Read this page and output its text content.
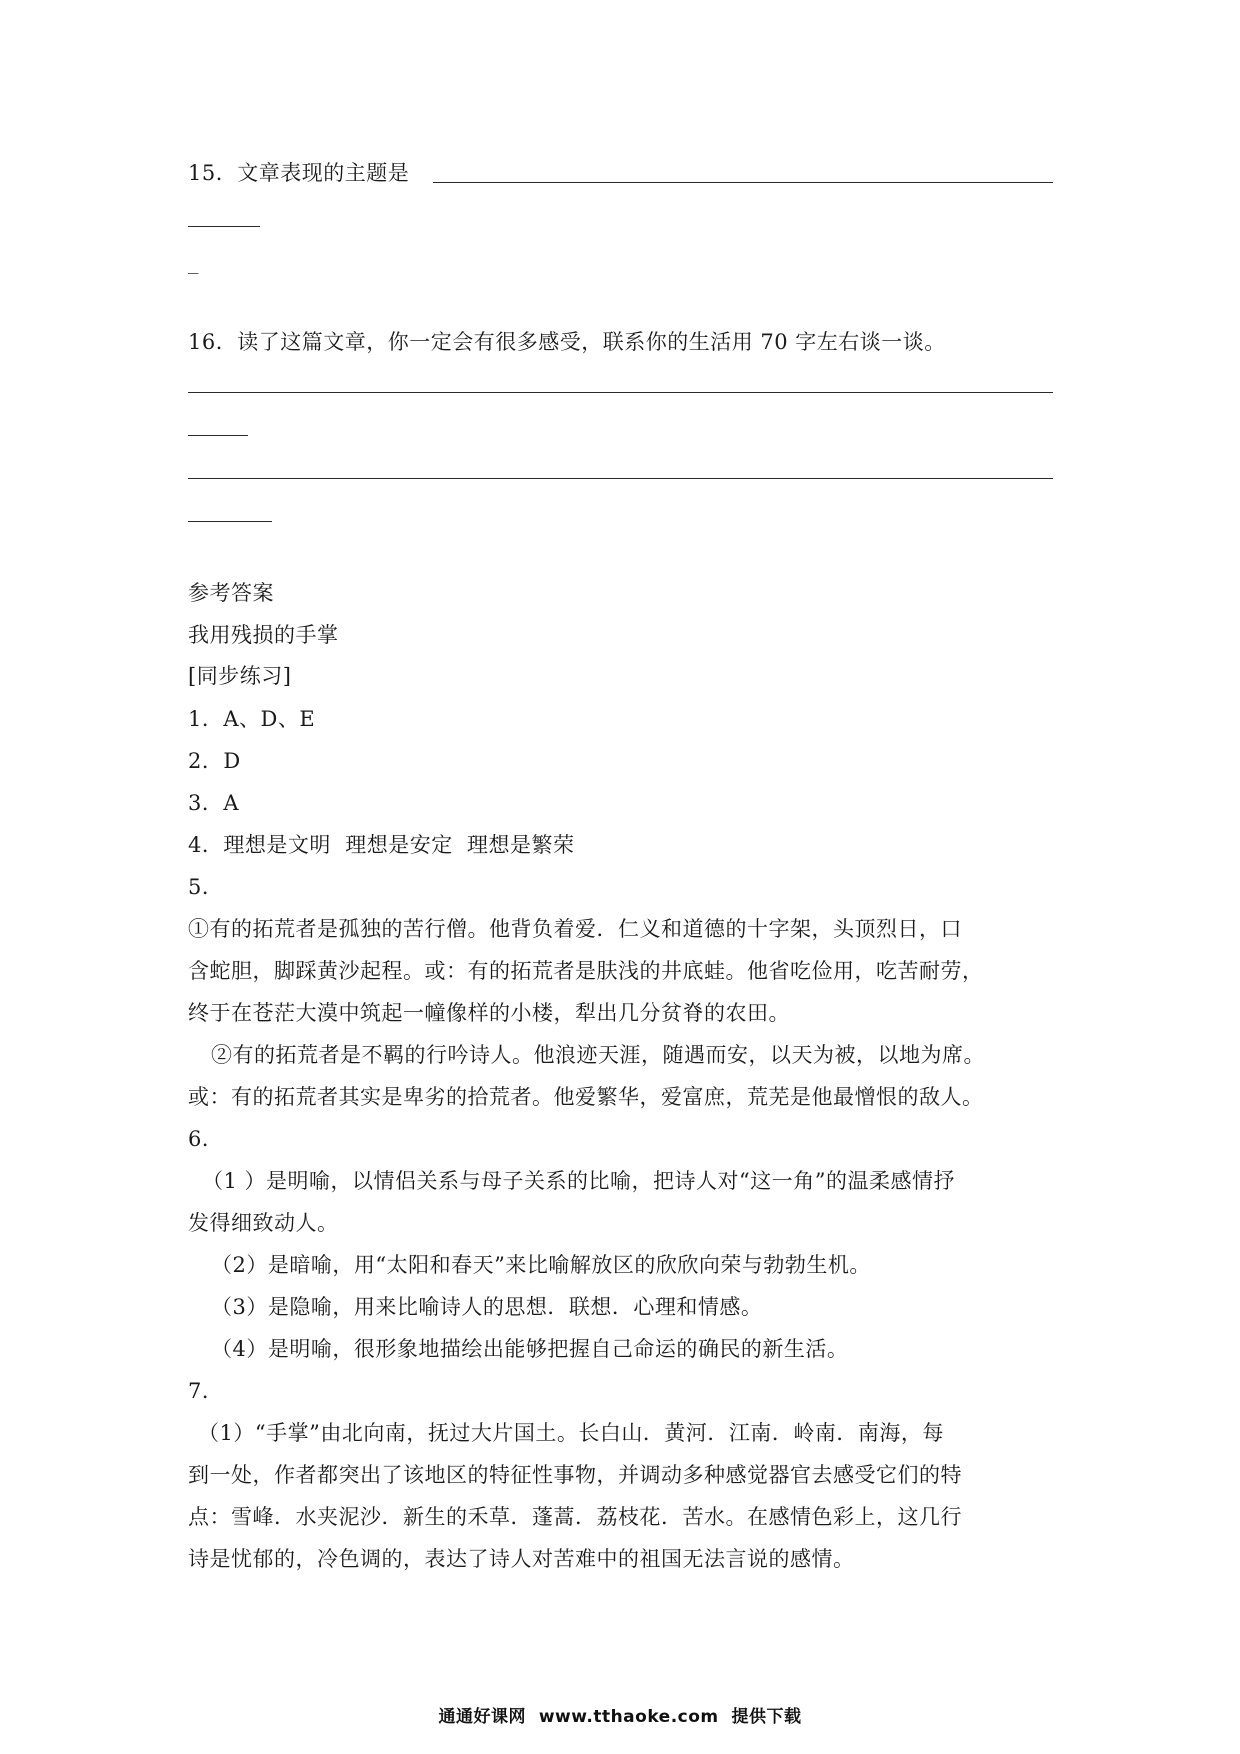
15．文章表现的主题是
_
16．读了这篇文章，你一定会有很多感受，联系你的生活用 70 字左右谈一谈。
参考答案
我用残损的手掌
[同步练习]
1．A、D、E
2．D
3．A
4．理想是文明  理想是安定  理想是繁荣
5．
①有的拓荒者是孤独的苦行僧。他背负着爱．仁义和道德的十字架，头顶烈日，口
含蛇胆，脚踩黄沙起程。或：有的拓荒者是肤浅的井底蛙。他省吃俭用，吃苦耐劳，
终于在苍茫大漠中筑起一幢像样的小楼，犁出几分贫脊的农田。
②有的拓荒者是不羁的行吟诗人。他浪迹天涯，随遇而安，以天为被，以地为席。
或：有的拓荒者其实是卑劣的拾荒者。他爱繁华，爱富庶，荒芜是他最憎恨的敌人。
6．
（1 ）是明喻，以情侣关系与母子关系的比喻，把诗人对“这一角”的温柔感情抒
发得细致动人。
（2）是暗喻，用“太阳和春天”来比喻解放区的欣欣向荣与勃勃生机。
（3）是隐喻，用来比喻诗人的思想．联想．心理和情感。
（4）是明喻，很形象地描绘出能够把握自己命运的确民的新生活。
7．
（1）“手掌”由北向南，抚过大片国土。长白山．黄河．江南．岭南．南海，每
到一处，作者都突出了该地区的特征性事物，并调动多种感觉器官去感受它们的特
点：雪峰．水夹泥沙．新生的禾草．蓬蒿．荔枝花．苦水。在感情色彩上，这几行
诗是忧郁的，冷色调的，表达了诗人对苦难中的祖国无法言说的感情。
通通好课网  www.tthaoke.com  提供下载
